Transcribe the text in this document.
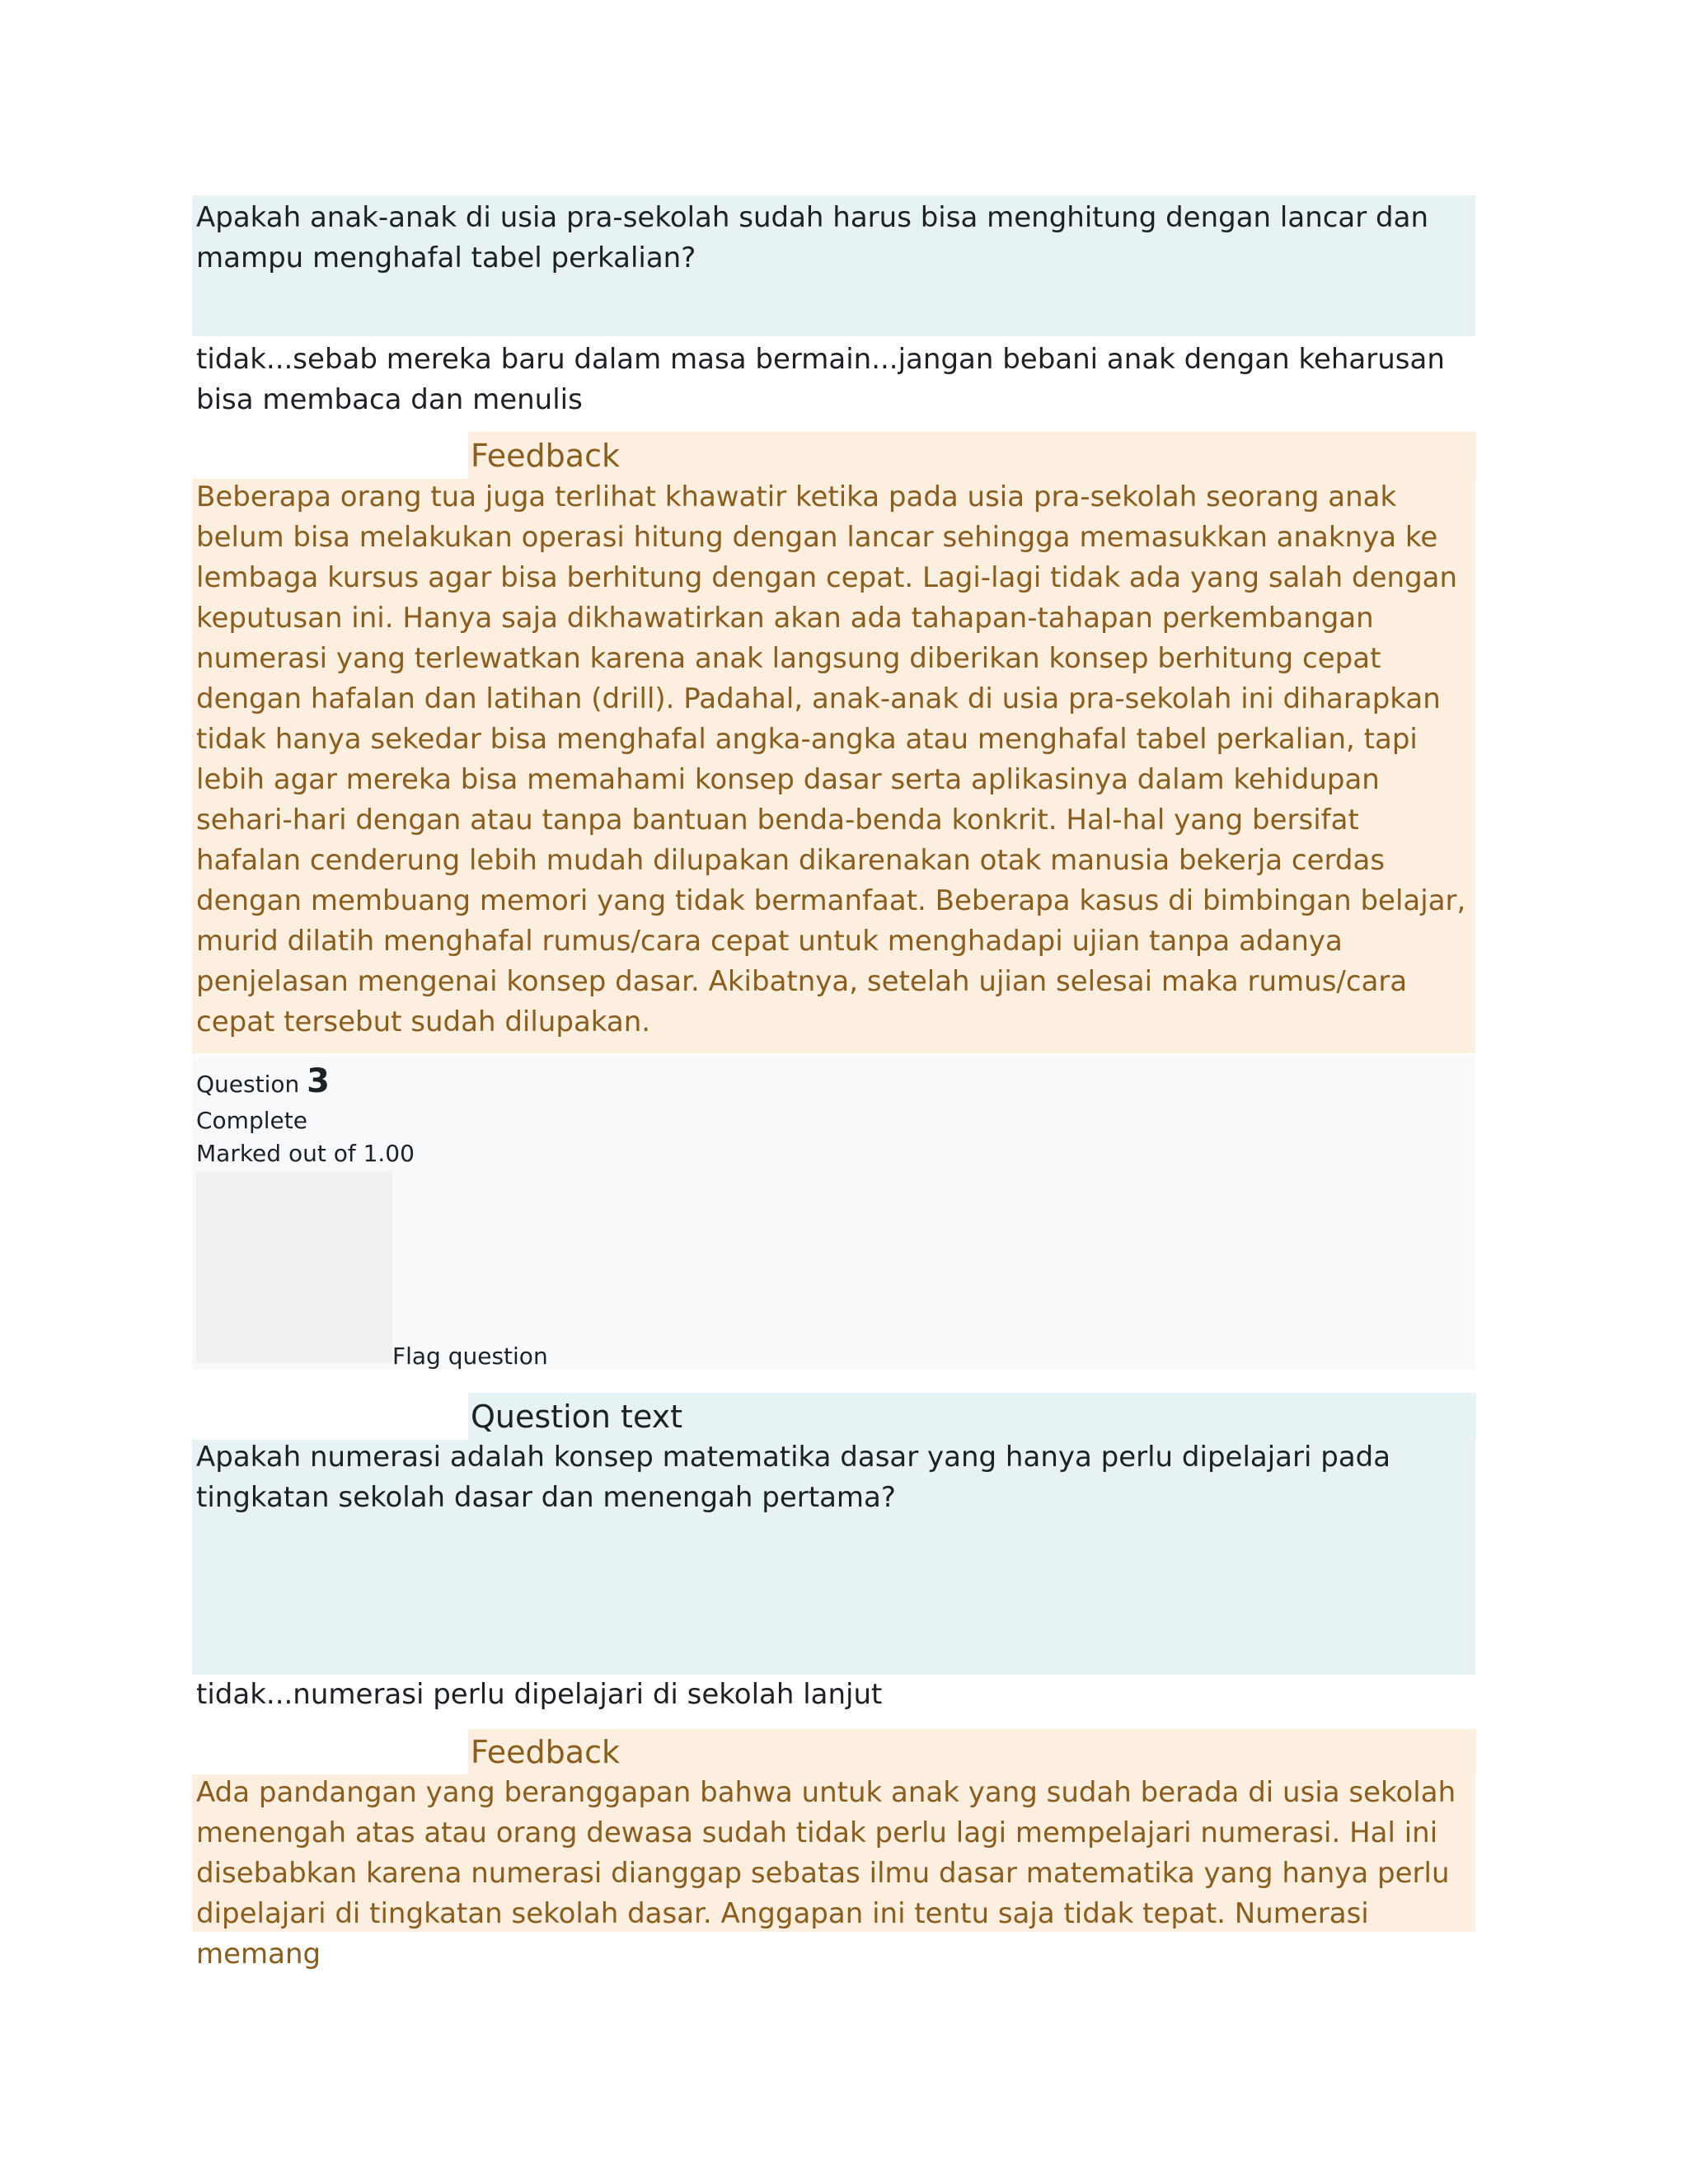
Apakah anak-anak di usia pra-sekolah sudah harus bisa menghitung dengan lancar dan mampu menghafal tabel perkalian?
tidak...sebab mereka baru dalam masa bermain...jangan bebani anak dengan keharusan bisa membaca dan menulis
Feedback
Beberapa orang tua juga terlihat khawatir ketika pada usia pra-sekolah seorang anak belum bisa melakukan operasi hitung dengan lancar sehingga memasukkan anaknya ke lembaga kursus agar bisa berhitung dengan cepat. Lagi-lagi tidak ada yang salah dengan keputusan ini. Hanya saja dikhawatirkan akan ada tahapan-tahapan perkembangan numerasi yang terlewatkan karena anak langsung diberikan konsep berhitung cepat dengan hafalan dan latihan (drill). Padahal, anak-anak di usia pra-sekolah ini diharapkan tidak hanya sekedar bisa menghafal angka-angka atau menghafal tabel perkalian, tapi lebih agar mereka bisa memahami konsep dasar serta aplikasinya dalam kehidupan sehari-hari dengan atau tanpa bantuan benda-benda konkrit. Hal-hal yang bersifat hafalan cenderung lebih mudah dilupakan dikarenakan otak manusia bekerja cerdas dengan membuang memori yang tidak bermanfaat. Beberapa kasus di bimbingan belajar, murid dilatih menghafal rumus/cara cepat untuk menghadapi ujian tanpa adanya penjelasan mengenai konsep dasar. Akibatnya, setelah ujian selesai maka rumus/cara cepat tersebut sudah dilupakan.
Question 3
Complete
Marked out of 1.00
Flag question
Question text
Apakah numerasi adalah konsep matematika dasar yang hanya perlu dipelajari pada tingkatan sekolah dasar dan menengah pertama?
tidak...numerasi perlu dipelajari di sekolah lanjut
Feedback
Ada pandangan yang beranggapan bahwa untuk anak yang sudah berada di usia sekolah menengah atas atau orang dewasa sudah tidak perlu lagi mempelajari numerasi. Hal ini disebabkan karena numerasi dianggap sebatas ilmu dasar matematika yang hanya perlu dipelajari di tingkatan sekolah dasar. Anggapan ini tentu saja tidak tepat. Numerasi memang
